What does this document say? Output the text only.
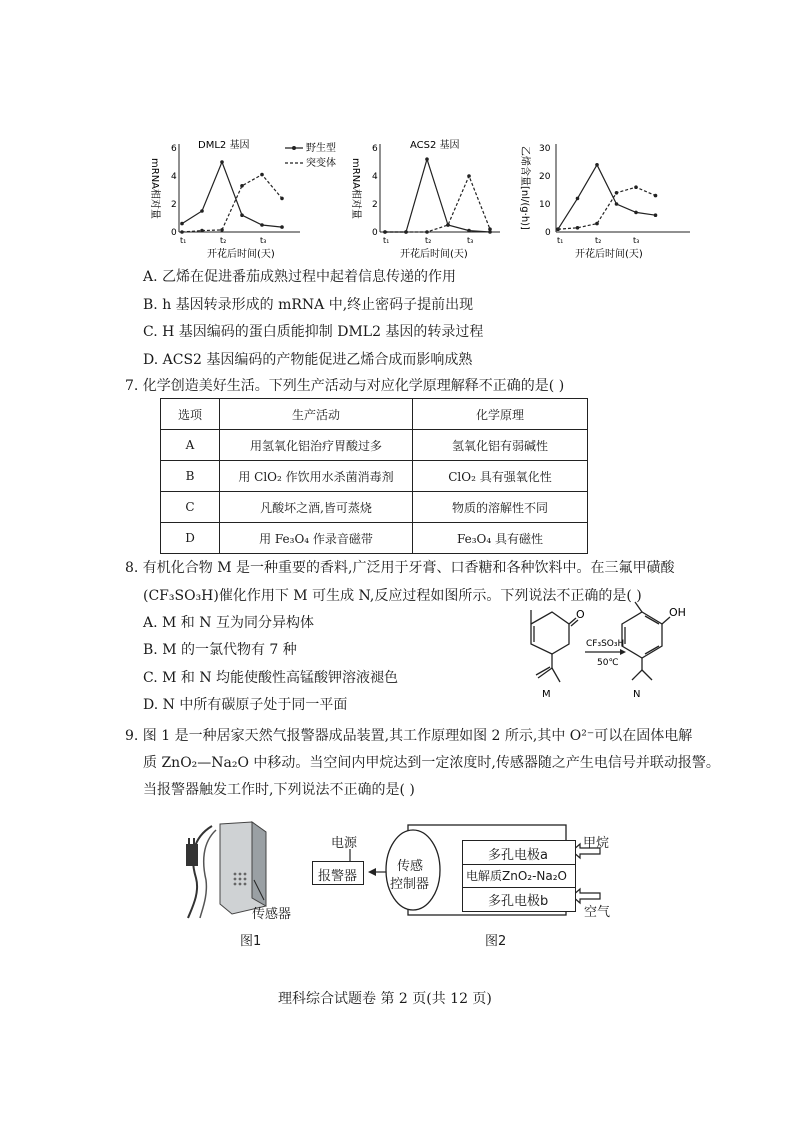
DML2 基因
6
4
2
0
t₁	t₂	t₃
开花后时间(天)
mRNA相对量
野生型
突变体
ACS2 基因
6
4
2
0
t₁	t₂	t₃
开花后时间(天)
mRNA相对量
30
20
10
0
t₁	t₂	t₃
开花后时间(天)
乙烯含量[nl/(g·h)]
A. 乙烯在促进番茄成熟过程中起着信息传递的作用
B. h 基因转录形成的 mRNA 中,终止密码子提前出现
C. H 基因编码的蛋白质能抑制 DML2 基因的转录过程
D. ACS2 基因编码的产物能促进乙烯合成而影响成熟
7. 化学创造美好生活。下列生产活动与对应化学原理解释不正确的是( )
选项	生产活动	化学原理
A	用氢氧化铝治疗胃酸过多	氢氧化铝有弱碱性
B	用 ClO₂ 作饮用水杀菌消毒剂	ClO₂ 具有强氧化性
C	凡酸坏之酒,皆可蒸烧	物质的溶解性不同
D	用 Fe₃O₄ 作录音磁带	Fe₃O₄ 具有磁性
8. 有机化合物 M 是一种重要的香料,广泛用于牙膏、口香糖和各种饮料中。在三氟甲磺酸
(CF₃SO₃H)催化作用下 M 可生成 N,反应过程如图所示。下列说法不正确的是( )
A. M 和 N 互为同分异构体
B. M 的一氯代物有 7 种
C. M 和 N 均能使酸性高锰酸钾溶液褪色
D. N 中所有碳原子处于同一平面
O
M
CF₃SO₃H
50℃
OH
N
9. 图 1 是一种居家天然气报警器成品装置,其工作原理如图 2 所示,其中 O²⁻可以在固体电解
质 ZnO₂—Na₂O 中移动。当空间内甲烷达到一定浓度时,传感器随之产生电信号并联动报警。
当报警器触发工作时,下列说法不正确的是( )
传感器
图1
电源
报警器
传感
控制器
多孔电极a
电解质ZnO₂-Na₂O
多孔电极b
甲烷
空气
图2
理科综合试题卷 第 2 页(共 12 页)
